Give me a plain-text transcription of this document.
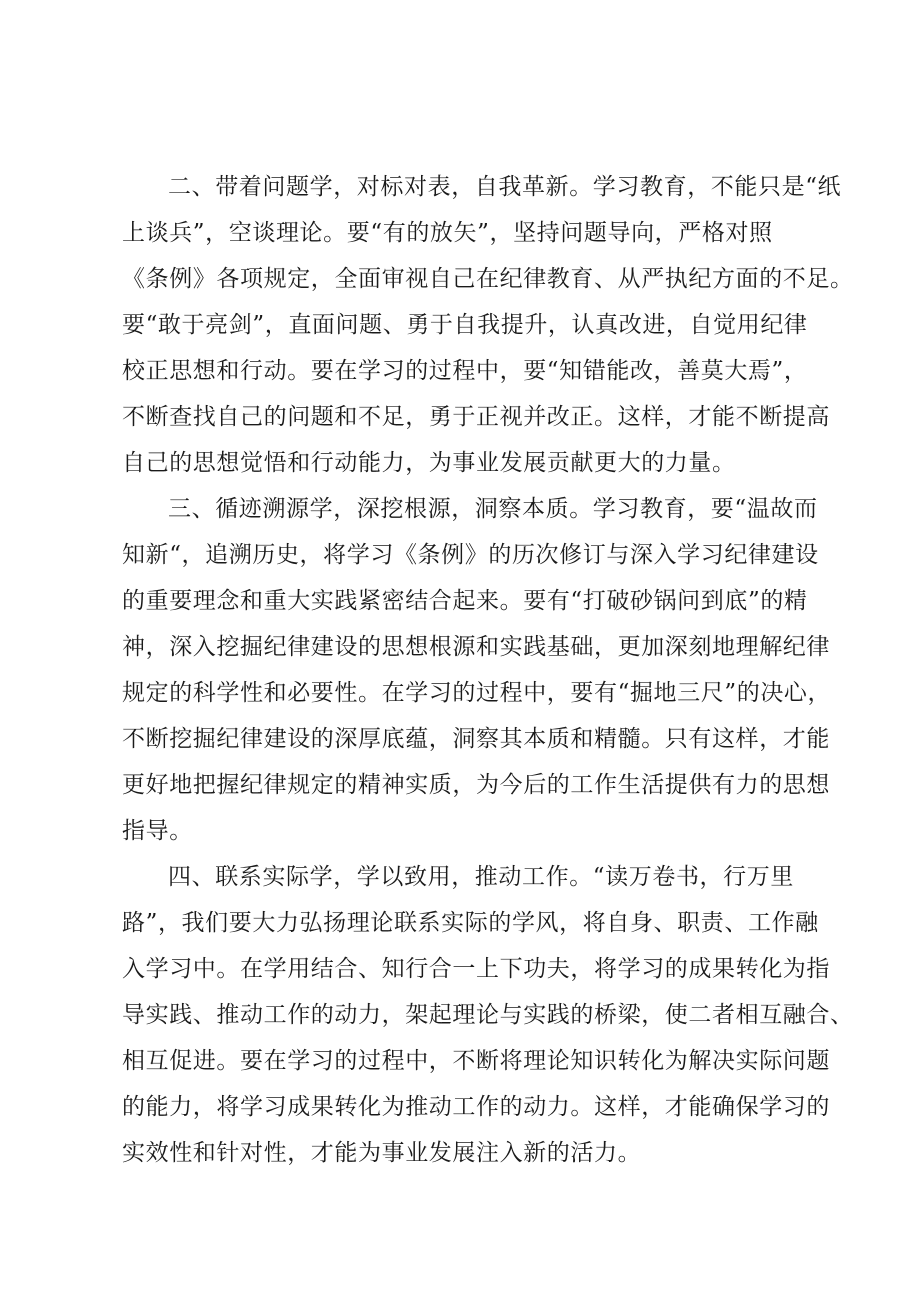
二、带着问题学，对标对表，自我革新。学习教育，不能只是“纸
上谈兵”，空谈理论。要“有的放矢”，坚持问题导向，严格对照
《条例》各项规定，全面审视自己在纪律教育、从严执纪方面的不足。
要“敢于亮剑”，直面问题、勇于自我提升，认真改进，自觉用纪律
校正思想和行动。要在学习的过程中，要“知错能改，善莫大焉”，
不断查找自己的问题和不足，勇于正视并改正。这样，才能不断提高
自己的思想觉悟和行动能力，为事业发展贡献更大的力量。
三、循迹溯源学，深挖根源，洞察本质。学习教育，要“温故而
知新“，追溯历史，将学习《条例》的历次修订与深入学习纪律建设
的重要理念和重大实践紧密结合起来。要有“打破砂锅问到底”的精
神，深入挖掘纪律建设的思想根源和实践基础，更加深刻地理解纪律
规定的科学性和必要性。在学习的过程中，要有“掘地三尺”的决心，
不断挖掘纪律建设的深厚底蕴，洞察其本质和精髓。只有这样，才能
更好地把握纪律规定的精神实质，为今后的工作生活提供有力的思想
指导。
四、联系实际学，学以致用，推动工作。“读万卷书，行万里
路”，我们要大力弘扬理论联系实际的学风，将自身、职责、工作融
入学习中。在学用结合、知行合一上下功夫，将学习的成果转化为指
导实践、推动工作的动力，架起理论与实践的桥梁，使二者相互融合、
相互促进。要在学习的过程中，不断将理论知识转化为解决实际问题
的能力，将学习成果转化为推动工作的动力。这样，才能确保学习的
实效性和针对性，才能为事业发展注入新的活力。
